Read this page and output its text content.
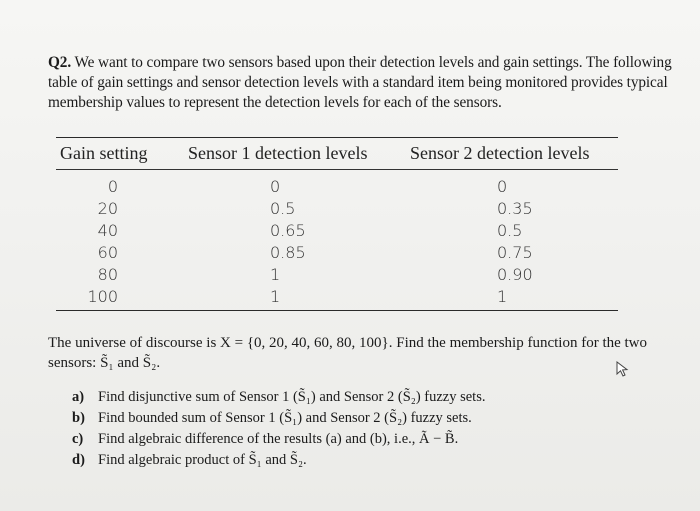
Q2. We want to compare two sensors based upon their detection levels and gain settings. The following table of gain settings and sensor detection levels with a standard item being monitored provides typical membership values to represent the detection levels for each of the sensors.
Gain setting	Sensor 1 detection levels	Sensor 2 detection levels
0	0	0
20	0.5	0.35
40	0.65	0.5
60	0.85	0.75
80	1	0.90
100	1	1
The universe of discourse is X = {0, 20, 40, 60, 80, 100}. Find the membership function for the two sensors: S̃₁ and S̃₂.
a) Find disjunctive sum of Sensor 1 (S̃₁) and Sensor 2 (S̃₂) fuzzy sets.
b) Find bounded sum of Sensor 1 (S̃₁) and Sensor 2 (S̃₂) fuzzy sets.
c)	Find algebraic difference of the results (a) and (b), i.e., Ã − B̃.
d) Find algebraic product of S̃₁ and S̃₂.
